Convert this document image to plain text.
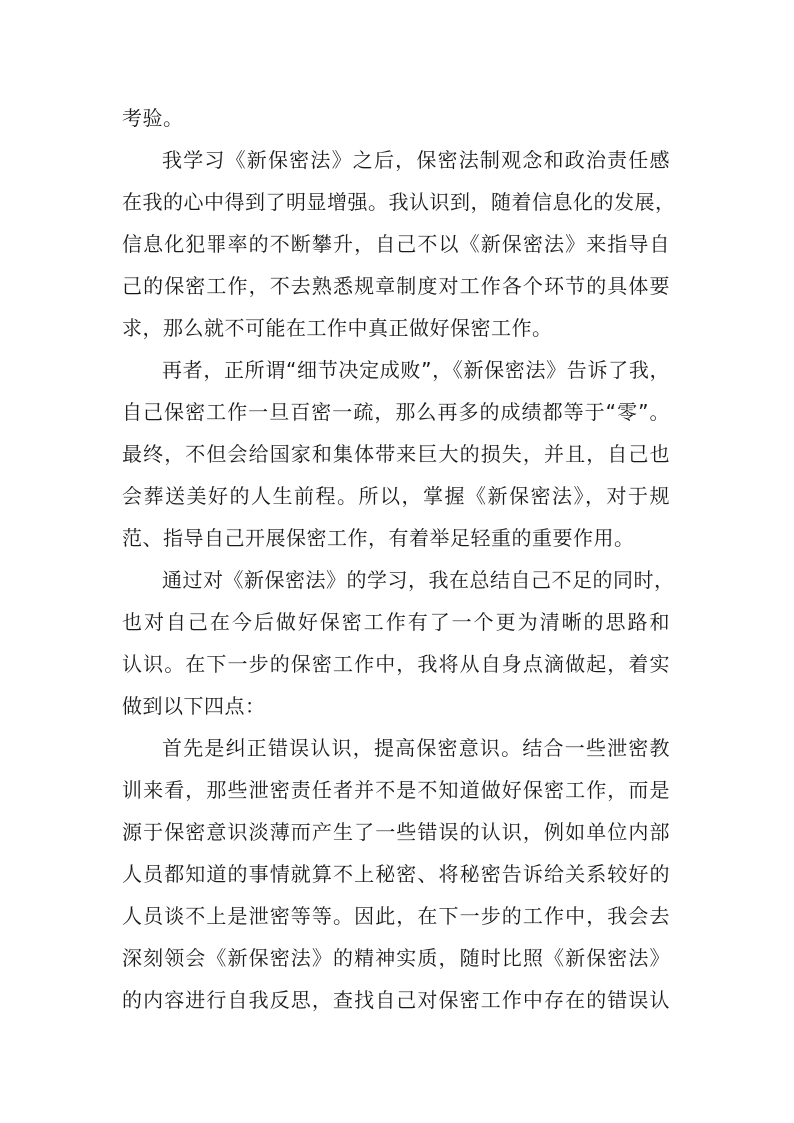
考验。
我学习《新保密法》之后，保密法制观念和政治责任感
在我的心中得到了明显增强。我认识到，随着信息化的发展，
信息化犯罪率的不断攀升，自己不以《新保密法》来指导自
己的保密工作，不去熟悉规章制度对工作各个环节的具体要
求，那么就不可能在工作中真正做好保密工作。
再者，正所谓“细节决定成败”，《新保密法》告诉了我，
自己保密工作一旦百密一疏，那么再多的成绩都等于“零”。
最终，不但会给国家和集体带来巨大的损失，并且，自己也
会葬送美好的人生前程。所以，掌握《新保密法》，对于规
范、指导自己开展保密工作，有着举足轻重的重要作用。
通过对《新保密法》的学习，我在总结自己不足的同时，
也对自己在今后做好保密工作有了一个更为清晰的思路和
认识。在下一步的保密工作中，我将从自身点滴做起，着实
做到以下四点：
首先是纠正错误认识，提高保密意识。结合一些泄密教
训来看，那些泄密责任者并不是不知道做好保密工作，而是
源于保密意识淡薄而产生了一些错误的认识，例如单位内部
人员都知道的事情就算不上秘密、将秘密告诉给关系较好的
人员谈不上是泄密等等。因此，在下一步的工作中，我会去
深刻领会《新保密法》的精神实质，随时比照《新保密法》
的内容进行自我反思，查找自己对保密工作中存在的错误认
